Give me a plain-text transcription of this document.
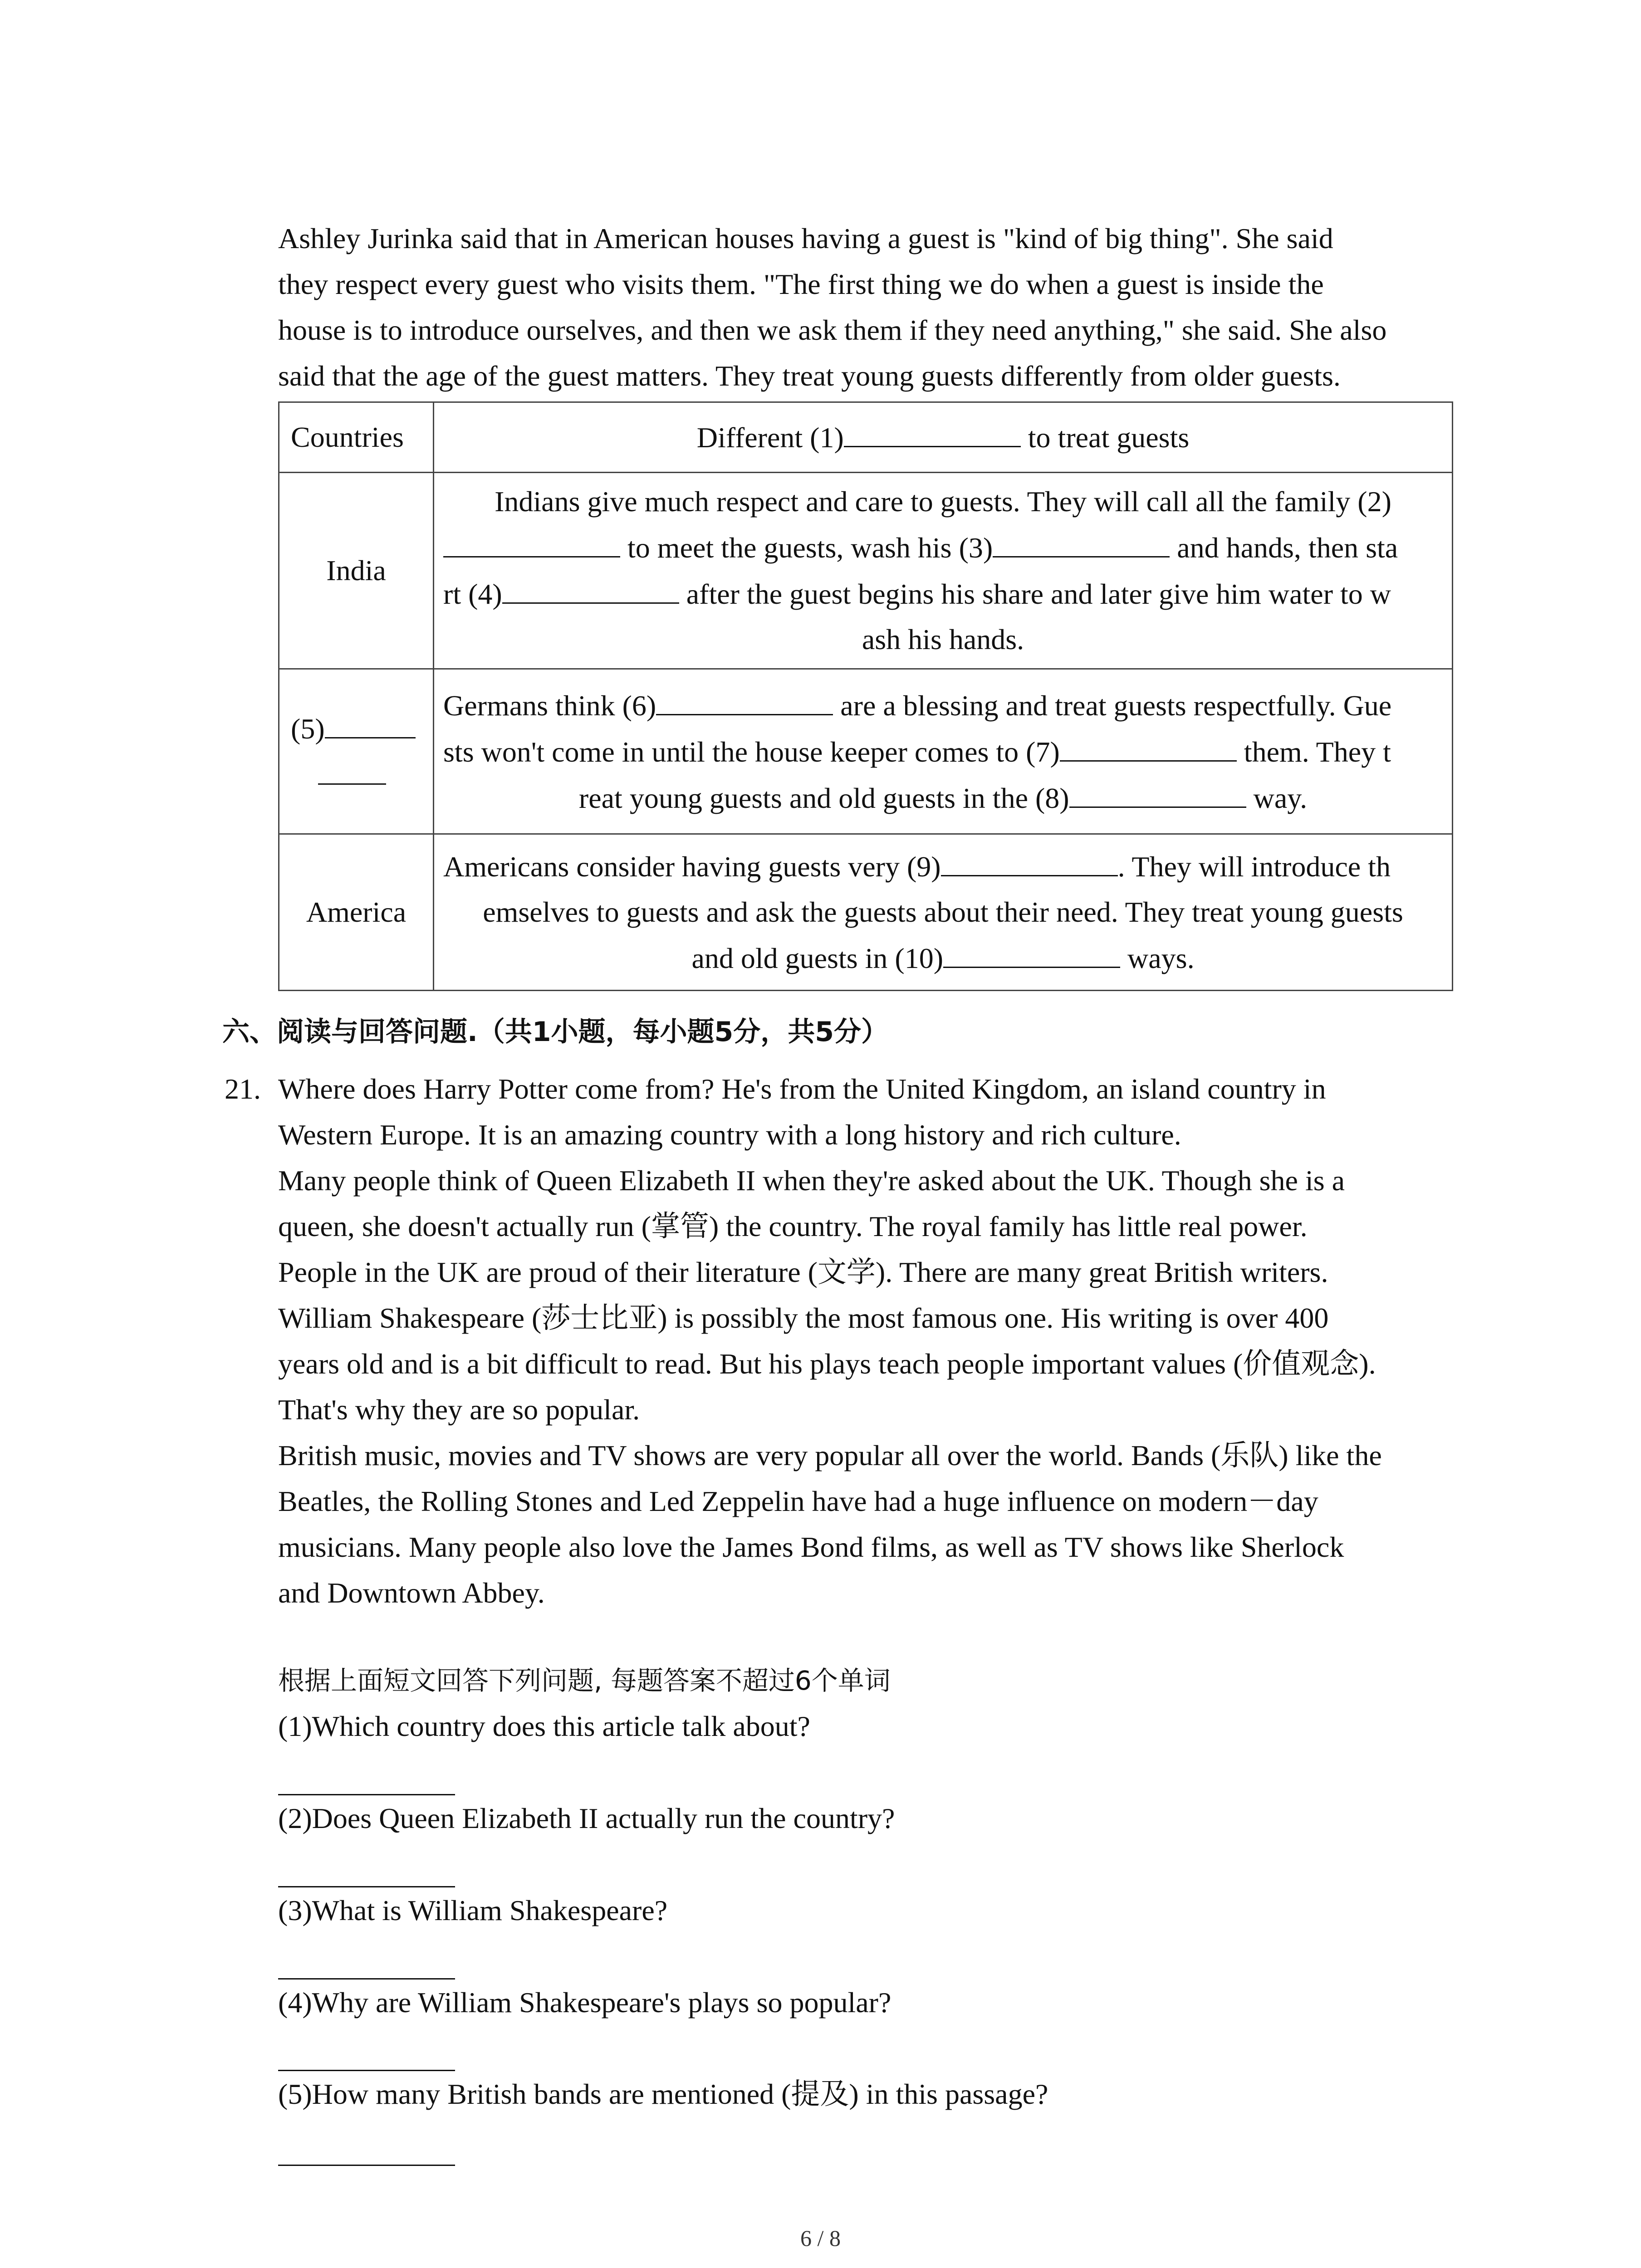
Ashley Jurinka said that in American houses having a guest is "kind of big thing". She said
they respect every guest who visits them. "The first thing we do when a guest is inside the
house is to introduce ourselves, and then we ask them if they need anything," she said. She also
said that the age of the guest matters. They treat young guests differently from older guests.
Countries	Different (1) to treat guests

India	Indians give much respect and care to guests. They will call all the family (2)
to meet the guests, wash his (3) and hands, then sta
rt (4) after the guest begins his share and later give him water to w
ash his hands.

(5)	Germans think (6) are a blessing and treat guests respectfully. Gue
sts won't come in until the house keeper comes to (7) them. They t
reat young guests and old guests in the (8) way.

America	Americans consider having guests very (9) . They will introduce th
emselves to guests and ask the guests about their need. They treat young guests
and old guests in (10) ways.
六、阅读与回答问题.（共1小题，每小题5分，共5分）
21. Where does Harry Potter come from? He's from the United Kingdom, an island country in
Western Europe. It is an amazing country with a long history and rich culture.
Many people think of Queen Elizabeth II when they're asked about the UK. Though she is a
queen, she doesn't actually run (掌管) the country. The royal family has little real power.
People in the UK are proud of their literature (文学). There are many great British writers.
William Shakespeare (莎士比亚) is possibly the most famous one. His writing is over 400
years old and is a bit difficult to read. But his plays teach people important values (价值观念).
That's why they are so popular.
British music, movies and TV shows are very popular all over the world. Bands (乐队) like the
Beatles, the Rolling Stones and Led Zeppelin have had a huge influence on modern－day
musicians. Many people also love the James Bond films, as well as TV shows like Sherlock
and Downtown Abbey.
根据上面短文回答下列问题, 每题答案不超过6个单词
(1)Which country does this article talk about?
(2)Does Queen Elizabeth II actually run the country?
(3)What is William Shakespeare?
(4)Why are William Shakespeare's plays so popular?
(5)How many British bands are mentioned (提及) in this passage?
6 / 8
